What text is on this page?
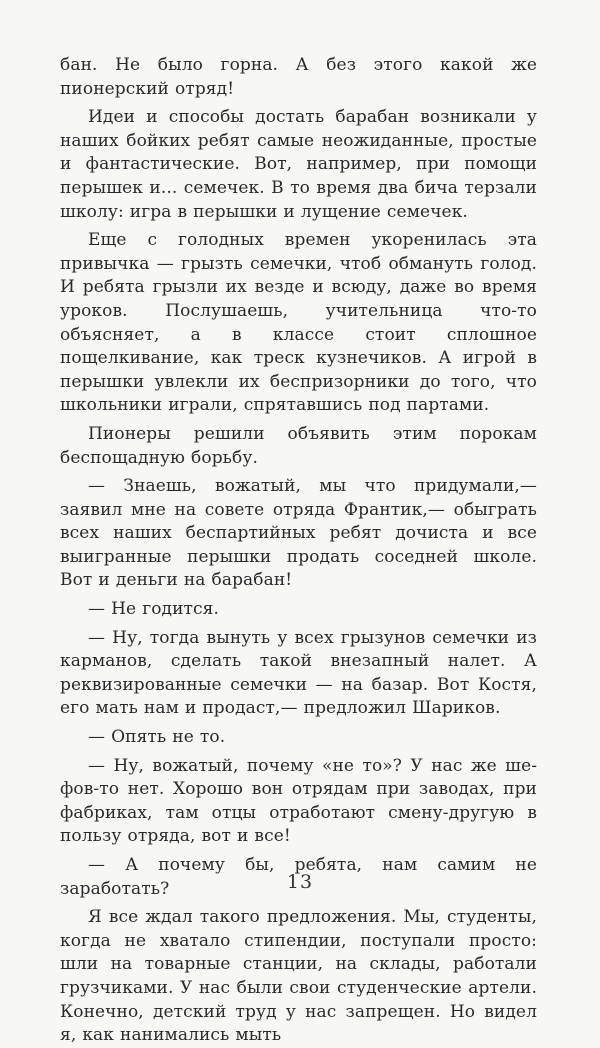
бан. Не было горна. А без этого какой же пионерский отряд!

Идеи и способы достать барабан возникали у наших бойких ребят самые неожиданные, простые и фантастические. Вот, например, при помощи перышек и... семечек. В то время два бича терзали школу: игра в перышки и лущение семечек.

Еще с голодных времен укоренилась эта привычка — грызть семечки, чтоб обмануть голод. И ребята грызли их везде и всюду, даже во время уроков. Послушаешь, учительница что-то объясняет, а в классе стоит сплошное пощелкивание, как треск кузнечиков. А игрой в перышки увлекли их беспризорники до того, что школьники играли, спрятавшись под партами.

Пионеры решили объявить этим порокам беспощадную борьбу.

— Знаешь, вожатый, мы что придумали,— заявил мне на совете отряда Франтик,— обыграть всех наших беспартийных ребят дочиста и все выигранные перышки продать соседней школе. Вот и деньги на барабан!

— Не годится.

— Ну, тогда вынуть у всех грызунов семечки из карманов, сделать такой внезапный налет. А реквизированные семечки — на базар. Вот Костя, его мать нам и продаст,— предложил Шариков.

— Опять не то.

— Ну, вожатый, почему «не то»? У нас же шефов-то нет. Хорошо вон отрядам при заводах, при фабриках, там отцы отработают смену-другую в пользу отряда, вот и все!

— А почему бы, ребята, нам самим не заработать?

Я все ждал такого предложения. Мы, студенты, когда не хватало стипендии, поступали просто: шли на товарные станции, на склады, работали грузчиками. У нас были свои студенческие артели. Конечно, детский труд у нас запрещен. Но видел я, как нанимались мыть

13
